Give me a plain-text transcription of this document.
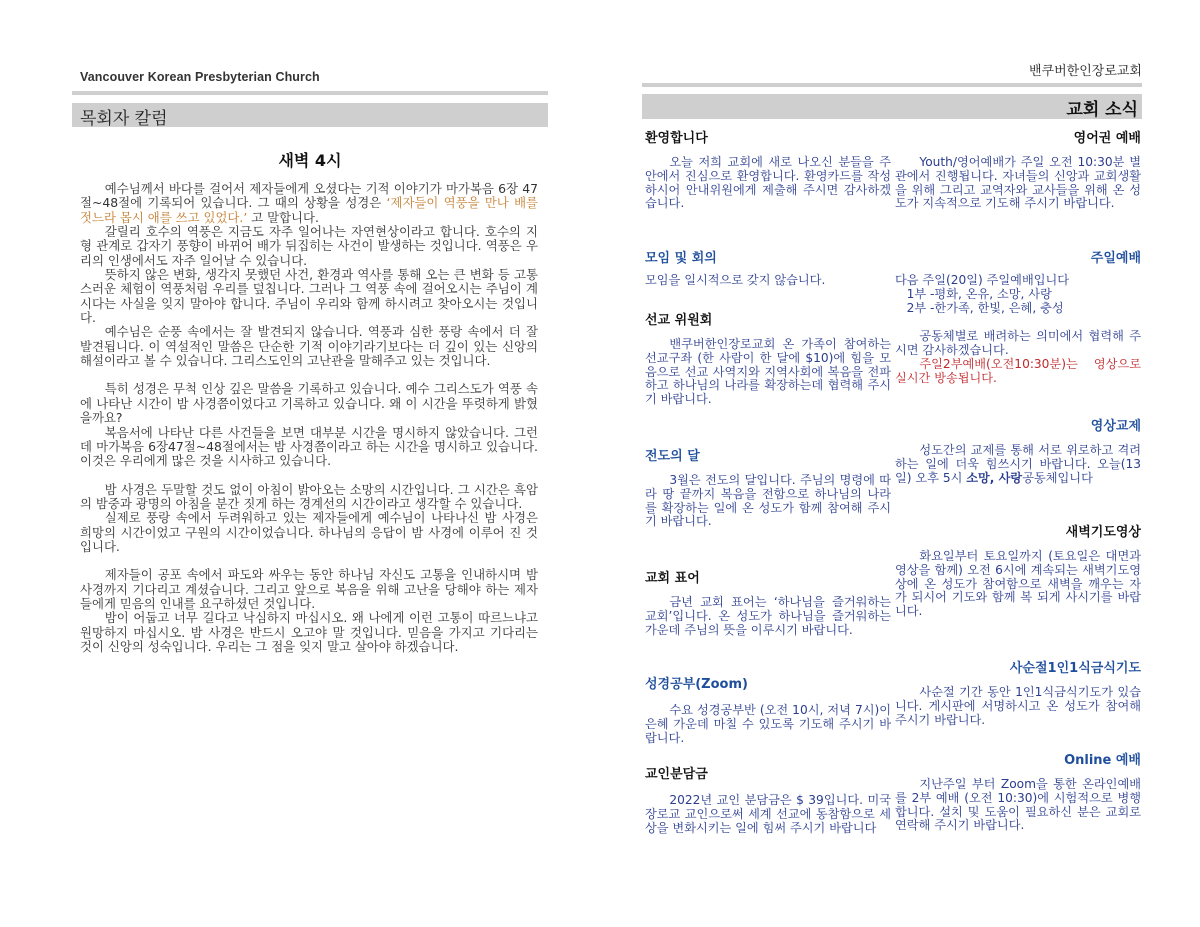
Vancouver Korean Presbyterian Church
목회자 칼럼
새벽 4시

예수님께서 바다를 걸어서 제자들에게 오셨다는 기적 이야기가 마가복음 6장 47절~48절에 기록되어 있습니다. 그 때의 상황을 성경은 ‘제자들이 역풍을 만나 배를 젓느라 몹시 애를 쓰고 있었다.’ 고 말합니다.

갈릴리 호수의 역풍은 지금도 자주 일어나는 자연현상이라고 합니다. 호수의 지형 관계로 갑자기 풍향이 바뀌어 배가 뒤집히는 사건이 발생하는 것입니다. 역풍은 우리의 인생에서도 자주 일어날 수 있습니다.

뜻하지 않은 변화, 생각지 못했던 사건, 환경과 역사를 통해 오는 큰 변화 등 고통스러운 체험이 역풍처럼 우리를 덮칩니다. 그러나 그 역풍 속에 걸어오시는 주님이 계시다는 사실을 잊지 말아야 합니다. 주님이 우리와 함께 하시려고 찾아오시는 것입니다.

예수님은 순풍 속에서는 잘 발견되지 않습니다. 역풍과 심한 풍랑 속에서 더 잘 발견됩니다. 이 역설적인 말씀은 단순한 기적 이야기라기보다는 더 깊이 있는 신앙의 해설이라고 볼 수 있습니다. 그리스도인의 고난관을 말해주고 있는 것입니다.

특히 성경은 무척 인상 깊은 말씀을 기록하고 있습니다. 예수 그리스도가 역풍 속에 나타난 시간이 밤 사경쯤이었다고 기록하고 있습니다. 왜 이 시간을 뚜렷하게 밝혔을까요?

복음서에 나타난 다른 사건들을 보면 대부분 시간을 명시하지 않았습니다. 그런데 마가복음 6장47절~48절에서는 밤 사경쯤이라고 하는 시간을 명시하고 있습니다. 이것은 우리에게 많은 것을 시사하고 있습니다.

밤 사경은 두말할 것도 없이 아침이 밝아오는 소망의 시간입니다. 그 시간은 흑암의 밤중과 광명의 아침을 분간 짓게 하는 경계선의 시간이라고 생각할 수 있습니다.

실제로 풍랑 속에서 두려워하고 있는 제자들에게 예수님이 나타나신 밤 사경은 희망의 시간이었고 구원의 시간이었습니다. 하나님의 응답이 밤 사경에 이루어 진 것입니다.

제자들이 공포 속에서 파도와 싸우는 동안 하나님 자신도 고통을 인내하시며 밤 사경까지 기다리고 계셨습니다. 그리고 앞으로 복음을 위해 고난을 당해야 하는 제자들에게 믿음의 인내를 요구하셨던 것입니다.

밤이 어둡고 너무 길다고 낙심하지 마십시오. 왜 나에게 이런 고통이 따르느냐고 원망하지 마십시오. 밤 사경은 반드시 오고야 말 것입니다. 믿음을 가지고 기다리는 것이 신앙의 성숙입니다. 우리는 그 점을 잊지 말고 살아야 하겠습니다.

밴쿠버한인장로교회
교회 소식

환영합니다

오늘 저희 교회에 새로 나오신 분들을 주 안에서 진심으로 환영합니다. 환영카드를 작성하시어 안내위원에게 제출해 주시면 감사하겠습니다.

모임 및 회의

모임을 일시적으로 갖지 않습니다.

선교 위원회

밴쿠버한인장로교회 온 가족이 참여하는 선교구좌 (한 사람이 한 달에 $10)에 힘을 모음으로 선교 사역지와 지역사회에 복음을 전파하고 하나님의 나라를 확장하는데 협력해 주시기 바랍니다.

전도의 달

3월은 전도의 달입니다. 주님의 명령에 따라 땅 끝까지 복음을 전함으로 하나님의 나라를 확장하는 일에 온 성도가 함께 참여해 주시기 바랍니다.

교회 표어

금년 교회 표어는 ‘하나님을 즐거워하는 교회’입니다. 온 성도가 하나님을 즐거워하는 가운데 주님의 뜻을 이루시기 바랍니다.

성경공부(Zoom)

수요 성경공부반 (오전 10시, 저녁 7시)이 은혜 가운데 마칠 수 있도록 기도해 주시기 바랍니다.

교인분담금

2022년 교인 분담금은 $ 39입니다. 미국장로교 교인으로써 세계 선교에 동참함으로 세상을 변화시키는 일에 힘써 주시기 바랍니다

영어권 예배

Youth/영어예배가 주일 오전 10:30분 별관에서 진행됩니다. 자녀들의 신앙과 교회생활을 위해 그리고 교역자와 교사들을 위해 온 성도가 지속적으로 기도해 주시기 바랍니다.

주일예배

다음 주일(20일) 주일예배입니다

1부 -평화, 온유, 소망, 사랑

2부 -한가족, 한빛, 은혜, 충성

공동체별로 배려하는 의미에서 협력해 주시면 감사하겠습니다.

주일2부예배(오전10:30분)는 영상으로 실시간 방송됩니다.

영상교제

성도간의 교제를 통해 서로 위로하고 격려하는 일에 더욱 힘쓰시기 바랍니다. 오늘(13일) 오후 5시 소망, 사랑공동체입니다

새벽기도영상

화요일부터 토요일까지 (토요일은 대면과 영상을 함께) 오전 6시에 계속되는 새벽기도영상에 온 성도가 참여함으로 새벽을 깨우는 자가 되시어 기도와 함께 복 되게 사시기를 바랍니다.

사순절1인1식금식기도

사순절 기간 동안 1인1식금식기도가 있습니다. 게시판에 서명하시고 온 성도가 참여해 주시기 바랍니다.

Online 예배

지난주일 부터 Zoom을 통한 온라인예배를 2부 예배 (오전 10:30)에 시험적으로 병행합니다. 설치 및 도움이 필요하신 분은 교회로 연락해 주시기 바랍니다.
